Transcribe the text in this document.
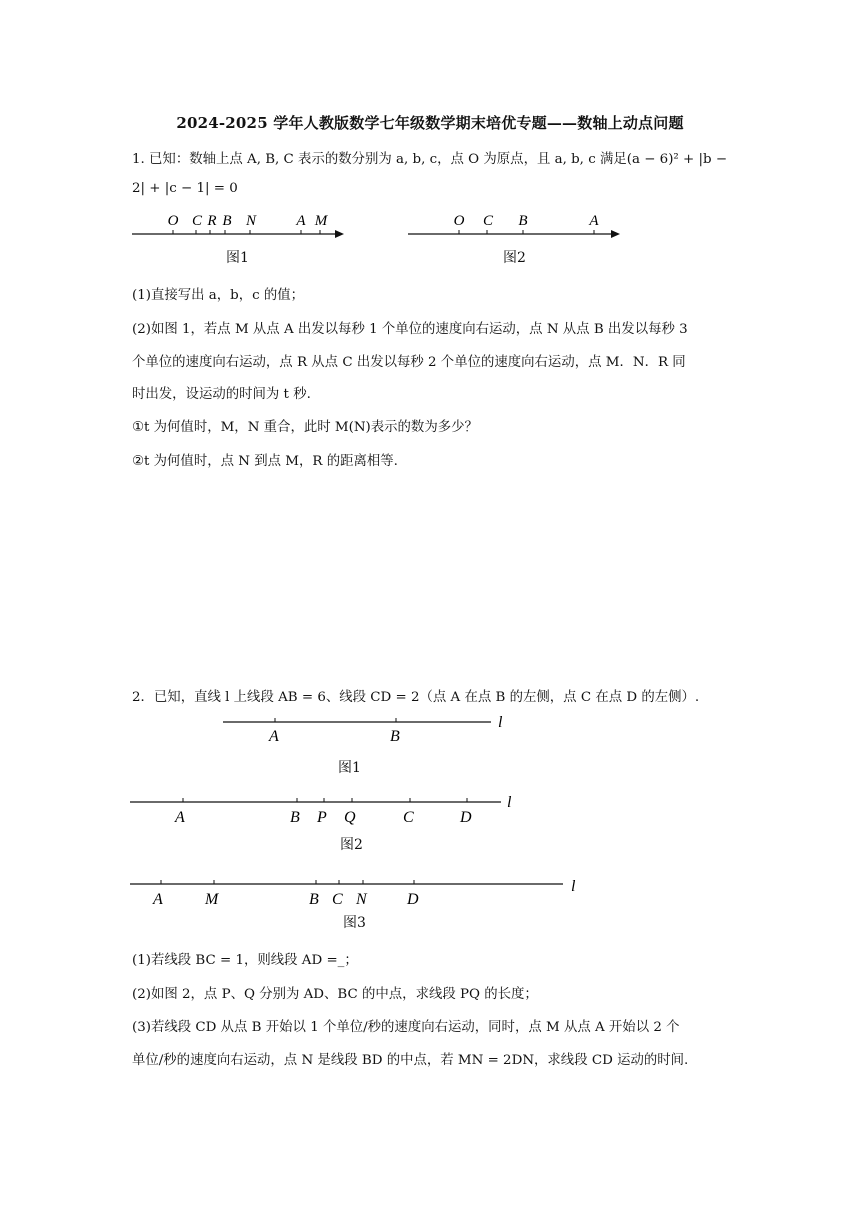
2024-2025 学年人教版数学七年级数学期末培优专题——数轴上动点问题
1. 已知：数轴上点 A, B, C 表示的数分别为 a, b, c，点 O 为原点，且 a, b, c 满足(a − 6)² + |b −
2| + |c − 1| = 0
O C R B N	A M
图1
O C B	A
图2
(1)直接写出 a，b，c 的值；
(2)如图 1，若点 M 从点 A 出发以每秒 1 个单位的速度向右运动，点 N 从点 B 出发以每秒 3
个单位的速度向右运动，点 R 从点 C 出发以每秒 2 个单位的速度向右运动，点 M．N．R 同
时出发，设运动的时间为 t 秒.
①t 为何值时，M，N 重合，此时 M(N)表示的数为多少？
②t 为何值时，点 N 到点 M，R 的距离相等.
2．已知，直线 l 上线段 AB = 6、线段 CD = 2（点 A 在点 B 的左侧，点 C 在点 D 的左侧）.
A	B
l
图1
A	B P Q	C	D
l
图2
A	M	B C N	D
l
图3
(1)若线段 BC = 1，则线段 AD =_；
(2)如图 2，点 P、Q 分别为 AD、BC 的中点，求线段 PQ 的长度；
(3)若线段 CD 从点 B 开始以 1 个单位/秒的速度向右运动，同时，点 M 从点 A 开始以 2 个
单位/秒的速度向右运动，点 N 是线段 BD 的中点，若 MN = 2DN，求线段 CD 运动的时间.
